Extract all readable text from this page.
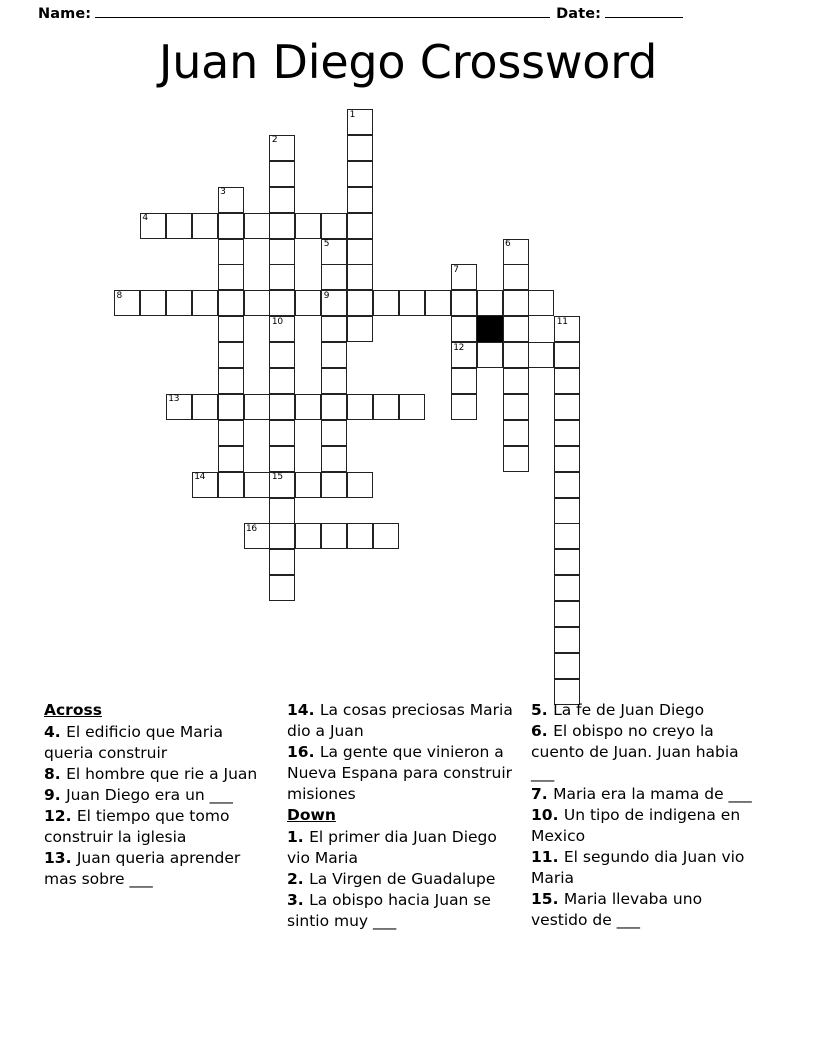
Name:	Date:
Juan Diego Crossword
1
2
3
4
5
9
6
7
12
8
10
15
11
13
14
16
Across

4. El edificio que Maria queria construir

8. El hombre que rie a Juan

9. Juan Diego era un ___

12. El tiempo que tomo construir la iglesia

13. Juan queria aprender mas sobre ___

14. La cosas preciosas Maria dio a Juan

16. La gente que vinieron a Nueva Espana para construir misiones

Down

1. El primer dia Juan Diego vio Maria

2. La Virgen de Guadalupe

3. La obispo hacia Juan se sintio muy ___

5. La fe de Juan Diego

6. El obispo no creyo la cuento de Juan. Juan habia ___

7. Maria era la mama de ___

10. Un tipo de indigena en Mexico

11. El segundo dia Juan vio Maria

15. Maria llevaba uno vestido de ___
